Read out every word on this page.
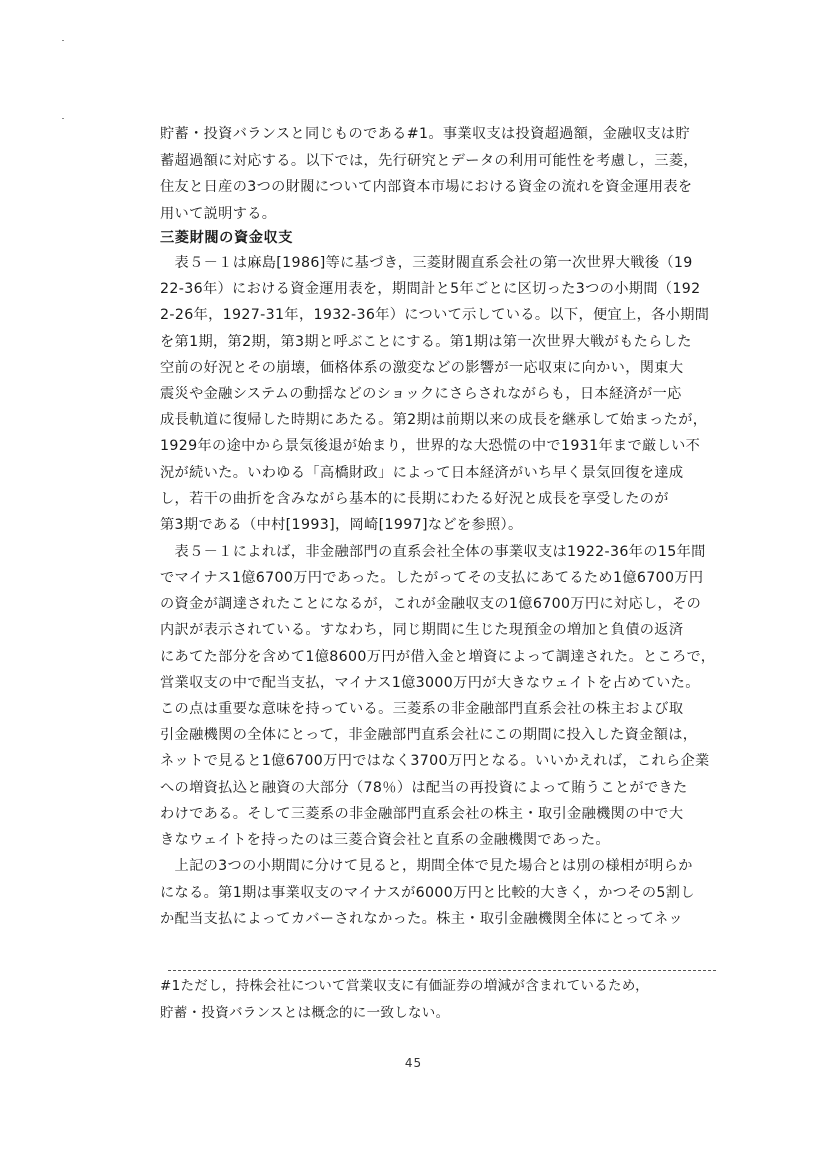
貯蓄・投資バランスと同じものである#1。事業収支は投資超過額，金融収支は貯
蓄超過額に対応する。以下では，先行研究とデータの利用可能性を考慮し，三菱，
住友と日産の3つの財閥について内部資本市場における資金の流れを資金運用表を
用いて説明する。
三菱財閥の資金収支
　表５－１は麻島[1986]等に基づき，三菱財閥直系会社の第一次世界大戦後（19
22-36年）における資金運用表を，期間計と5年ごとに区切った3つの小期間（192
2-26年，1927-31年，1932-36年）について示している。以下，便宜上，各小期間
を第1期，第2期，第3期と呼ぶことにする。第1期は第一次世界大戦がもたらした
空前の好況とその崩壊，価格体系の激変などの影響が一応収束に向かい，関東大
震災や金融システムの動揺などのショックにさらされながらも，日本経済が一応
成長軌道に復帰した時期にあたる。第2期は前期以来の成長を継承して始まったが，
1929年の途中から景気後退が始まり，世界的な大恐慌の中で1931年まで厳しい不
況が続いた。いわゆる「高橋財政」によって日本経済がいち早く景気回復を達成
し，若干の曲折を含みながら基本的に長期にわたる好況と成長を享受したのが
第3期である（中村[1993]，岡崎[1997]などを参照）。
　表５－１によれば，非金融部門の直系会社全体の事業収支は1922-36年の15年間
でマイナス1億6700万円であった。したがってその支払にあてるため1億6700万円
の資金が調達されたことになるが，これが金融収支の1億6700万円に対応し，その
内訳が表示されている。すなわち，同じ期間に生じた現預金の増加と負債の返済
にあてた部分を含めて1億8600万円が借入金と増資によって調達された。ところで，
営業収支の中で配当支払，マイナス1億3000万円が大きなウェイトを占めていた。
この点は重要な意味を持っている。三菱系の非金融部門直系会社の株主および取
引金融機関の全体にとって，非金融部門直系会社にこの期間に投入した資金額は，
ネットで見ると1億6700万円ではなく3700万円となる。いいかえれば，これら企業
への増資払込と融資の大部分（78％）は配当の再投資によって賄うことができた
わけである。そして三菱系の非金融部門直系会社の株主・取引金融機関の中で大
きなウェイトを持ったのは三菱合資会社と直系の金融機関であった。
　上記の3つの小期間に分けて見ると，期間全体で見た場合とは別の様相が明らか
になる。第1期は事業収支のマイナスが6000万円と比較的大きく，かつその5割し
か配当支払によってカバーされなかった。株主・取引金融機関全体にとってネッ
#1ただし，持株会社について営業収支に有価証券の増減が含まれているため，
貯蓄・投資バランスとは概念的に一致しない。
45
